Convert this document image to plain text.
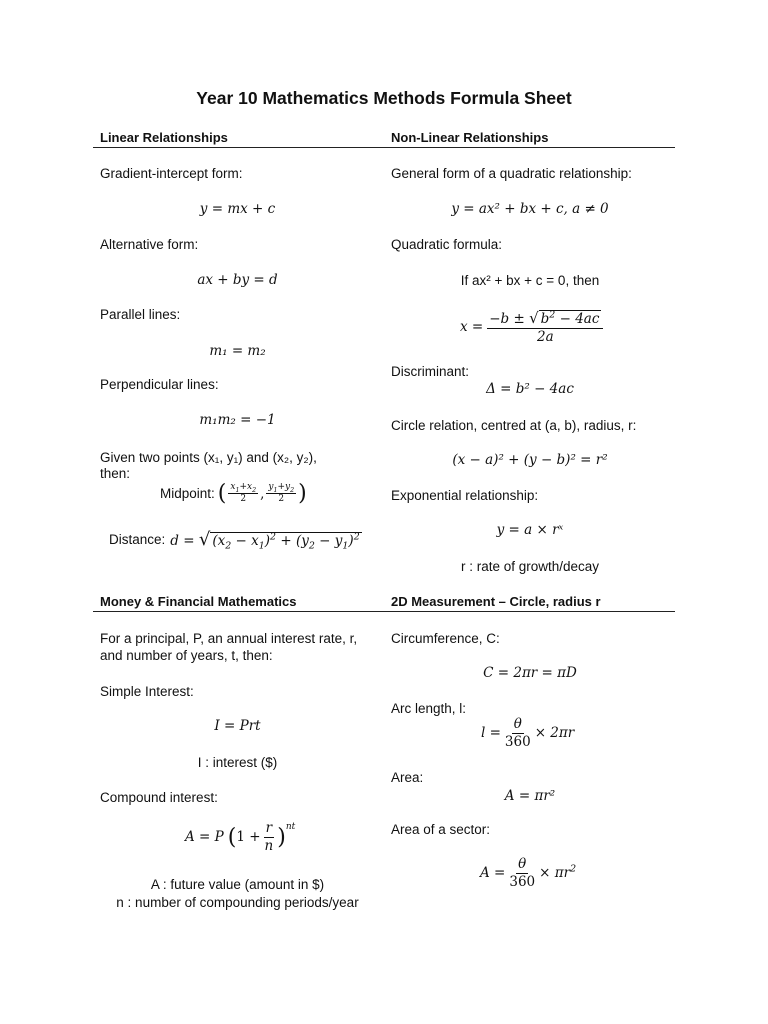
Year 10 Mathematics Methods Formula Sheet
Linear Relationships	Non-Linear Relationships
Gradient-intercept form:
y = mx + c
Alternative form:
ax + by = d
Parallel lines:
m₁ = m₂
Perpendicular lines:
m₁m₂ = −1
Given two points (x₁, y₁) and (x₂, y₂),
then:
Midpoint: ( $\frac{x_1+x_2}{2}$ , $\frac{y_1+y_2}{2}$ )
Distance: d = √ $(x_2 - x_1)^2 + (y_2 - y_1)^2$
General form of a quadratic relationship:
y = ax² + bx + c, a ≠ 0
Quadratic formula:
If ax² + bx + c = 0, then
$x = \frac{-b \pm √ b^2 - 4ac}{2a}$
Discriminant:
Δ = b² − 4ac
Circle relation, centred at (a, b), radius, r:
(x − a)² + (y − b)² = r²
Exponential relationship:
y = a × rˣ
r : rate of growth/decay
Money & Financial Mathematics	2D Measurement – Circle, radius r
For a principal, P, an annual interest rate, r,
and number of years, t, then:
Simple Interest:
I = Prt
I : interest ($)
Compound interest:
A = P ( $1 + \frac{r}{n}$ ) nt
A : future value (amount in $)
n : number of compounding periods/year
Circumference, C:
C = 2πr = πD
Arc length, l:
$l = \frac{\theta}{360} \times 2\pi r$
Area:
A = πr²
Area of a sector:
$A = \frac{\theta}{360} \times \pi r^2$
